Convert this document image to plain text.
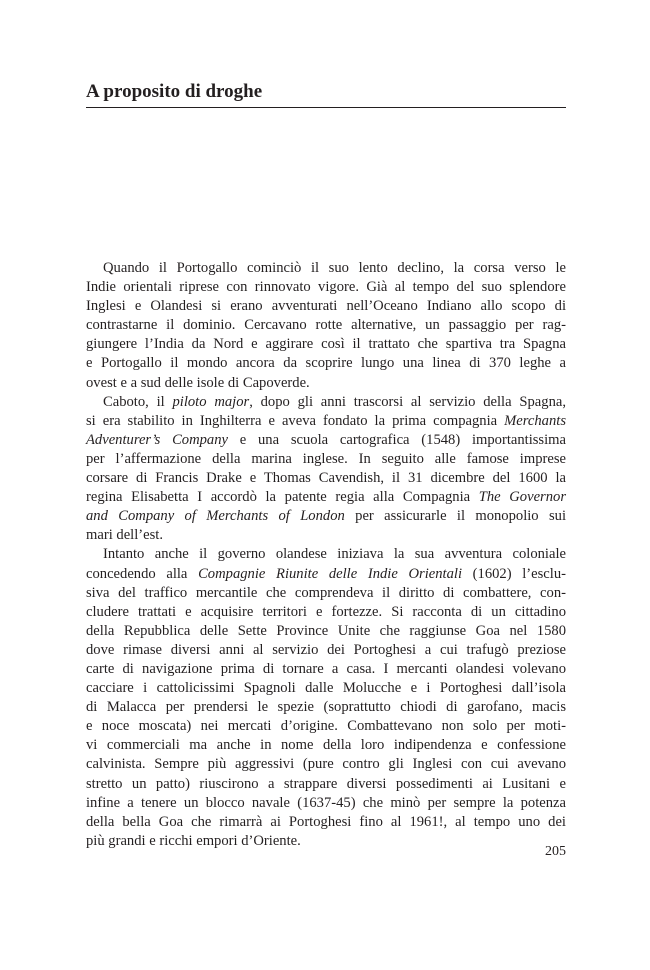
A proposito di droghe
Quando il Portogallo cominciò il suo lento declino, la corsa verso le
Indie orientali riprese con rinnovato vigore. Già al tempo del suo splendore
Inglesi e Olandesi si erano avventurati nell’Oceano Indiano allo scopo di
contrastarne il dominio. Cercavano rotte alternative, un passaggio per rag-
giungere l’India da Nord e aggirare così il trattato che spartiva tra Spagna
e Portogallo il mondo ancora da scoprire lungo una linea di 370 leghe a
ovest e a sud delle isole di Capoverde.
Caboto, il piloto major, dopo gli anni trascorsi al servizio della Spagna,
si era stabilito in Inghilterra e aveva fondato la prima compagnia Merchants
Adventurer’s Company e una scuola cartografica (1548) importantissima
per l’affermazione della marina inglese. In seguito alle famose imprese
corsare di Francis Drake e Thomas Cavendish, il 31 dicembre del 1600 la
regina Elisabetta I accordò la patente regia alla Compagnia The Governor
and Company of Merchants of London per assicurarle il monopolio sui
mari dell’est.
Intanto anche il governo olandese iniziava la sua avventura coloniale
concedendo alla Compagnie Riunite delle Indie Orientali (1602) l’esclu-
siva del traffico mercantile che comprendeva il diritto di combattere, con-
cludere trattati e acquisire territori e fortezze. Si racconta di un cittadino
della Repubblica delle Sette Province Unite che raggiunse Goa nel 1580
dove rimase diversi anni al servizio dei Portoghesi a cui trafugò preziose
carte di navigazione prima di tornare a casa. I mercanti olandesi volevano
cacciare i cattolicissimi Spagnoli dalle Molucche e i Portoghesi dall’isola
di Malacca per prendersi le spezie (soprattutto chiodi di garofano, macis
e noce moscata) nei mercati d’origine. Combattevano non solo per moti-
vi commerciali ma anche in nome della loro indipendenza e confessione
calvinista. Sempre più aggressivi (pure contro gli Inglesi con cui avevano
stretto un patto) riuscirono a strappare diversi possedimenti ai Lusitani e
infine a tenere un blocco navale (1637-45) che minò per sempre la potenza
della bella Goa che rimarrà ai Portoghesi fino al 1961!, al tempo uno dei
più grandi e ricchi empori d’Oriente.
205
